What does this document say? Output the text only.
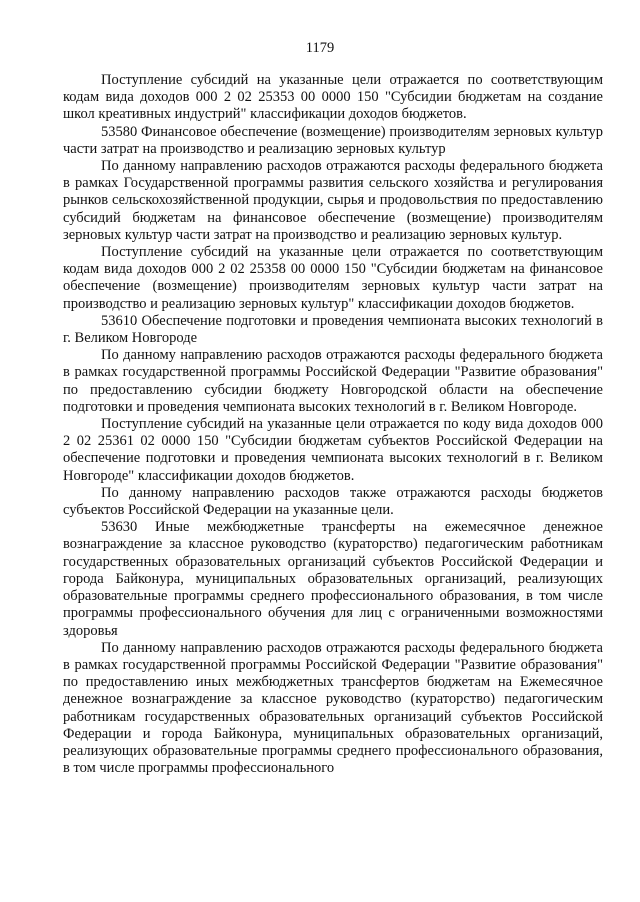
1179

Поступление субсидий на указанные цели отражается по соответствующим кодам вида доходов 000 2 02 25353 00 0000 150 "Субсидии бюджетам на создание школ креативных индустрий" классификации доходов бюджетов.

53580 Финансовое обеспечение (возмещение) производителям зерновых культур части затрат на производство и реализацию зерновых культур

По данному направлению расходов отражаются расходы федерального бюджета в рамках Государственной программы развития сельского хозяйства и регулирования рынков сельскохозяйственной продукции, сырья и продовольствия по предоставлению субсидий бюджетам на финансовое обеспечение (возмещение) производителям зерновых культур части затрат на производство и реализацию зерновых культур.

Поступление субсидий на указанные цели отражается по соответствующим кодам вида доходов 000 2 02 25358 00 0000 150 "Субсидии бюджетам на финансовое обеспечение (возмещение) производителям зерновых культур части затрат на производство и реализацию зерновых культур" классификации доходов бюджетов.

53610 Обеспечение подготовки и проведения чемпионата высоких технологий в г. Великом Новгороде

По данному направлению расходов отражаются расходы федерального бюджета в рамках государственной программы Российской Федерации "Развитие образования" по предоставлению субсидии бюджету Новгородской области на обеспечение подготовки и проведения чемпионата высоких технологий в г. Великом Новгороде.

Поступление субсидий на указанные цели отражается по коду вида доходов 000 2 02 25361 02 0000 150 "Субсидии бюджетам субъектов Российской Федерации на обеспечение подготовки и проведения чемпионата высоких технологий в г. Великом Новгороде" классификации доходов бюджетов.

По данному направлению расходов также отражаются расходы бюджетов субъектов Российской Федерации на указанные цели.

53630 Иные межбюджетные трансферты на ежемесячное денежное вознаграждение за классное руководство (кураторство) педагогическим работникам государственных образовательных организаций субъектов Российской Федерации и города Байконура, муниципальных образовательных организаций, реализующих образовательные программы среднего профессионального образования, в том числе программы профессионального обучения для лиц с ограниченными возможностями здоровья

По данному направлению расходов отражаются расходы федерального бюджета в рамках государственной программы Российской Федерации "Развитие образования" по предоставлению иных межбюджетных трансфертов бюджетам на Ежемесячное денежное вознаграждение за классное руководство (кураторство) педагогическим работникам государственных образовательных организаций субъектов Российской Федерации и города Байконура, муниципальных образовательных организаций, реализующих образовательные программы среднего профессионального образования, в том числе программы профессионального
